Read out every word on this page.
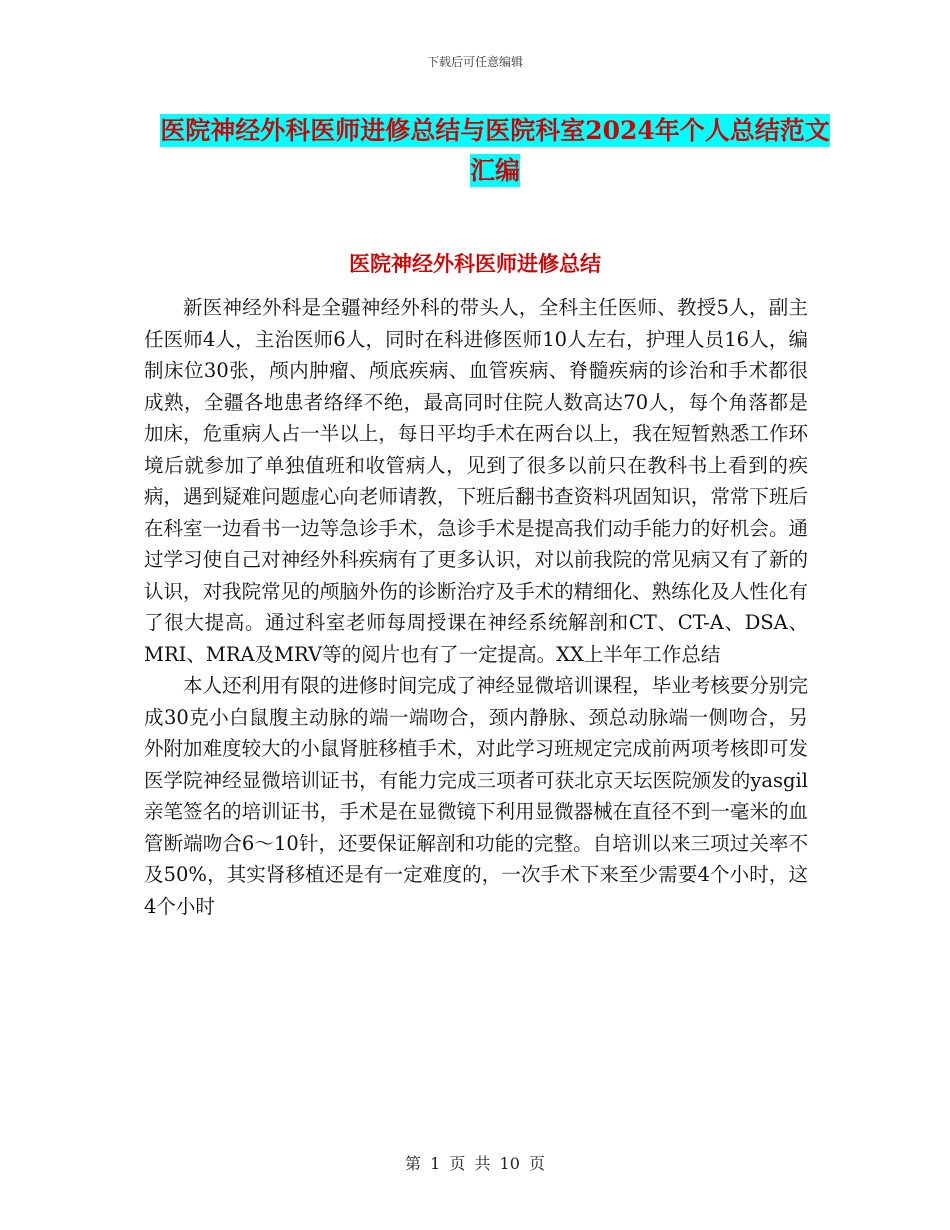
下载后可任意编辑
医院神经外科医师进修总结与医院科室2024年个人总结范文汇编
医院神经外科医师进修总结

新医神经外科是全疆神经外科的带头人，全科主任医师、教授5人，副主任医师4人，主治医师6人，同时在科进修医师10人左右，护理人员16人，编制床位30张，颅内肿瘤、颅底疾病、血管疾病、脊髓疾病的诊治和手术都很成熟，全疆各地患者络绎不绝，最高同时住院人数高达70人，每个角落都是加床，危重病人占一半以上，每日平均手术在两台以上，我在短暂熟悉工作环境后就参加了单独值班和收管病人，见到了很多以前只在教科书上看到的疾病，遇到疑难问题虚心向老师请教，下班后翻书查资料巩固知识，常常下班后在科室一边看书一边等急诊手术，急诊手术是提高我们动手能力的好机会。通过学习使自己对神经外科疾病有了更多认识，对以前我院的常见病又有了新的认识，对我院常见的颅脑外伤的诊断治疗及手术的精细化、熟练化及人性化有了很大提高。通过科室老师每周授课在神经系统解剖和CT、CT-A、DSA、MRI、MRA及MRV等的阅片也有了一定提高。XX上半年工作总结

本人还利用有限的进修时间完成了神经显微培训课程，毕业考核要分别完成30克小白鼠腹主动脉的端一端吻合，颈内静脉、颈总动脉端一侧吻合，另外附加难度较大的小鼠肾脏移植手术，对此学习班规定完成前两项考核即可发医学院神经显微培训证书，有能力完成三项者可获北京天坛医院颁发的yasgil亲笔签名的培训证书，手术是在显微镜下利用显微器械在直径不到一毫米的血管断端吻合6～10针，还要保证解剖和功能的完整。自培训以来三项过关率不及50%，其实肾移植还是有一定难度的，一次手术下来至少需要4个小时，这4个小时

第 1 页 共 10 页
